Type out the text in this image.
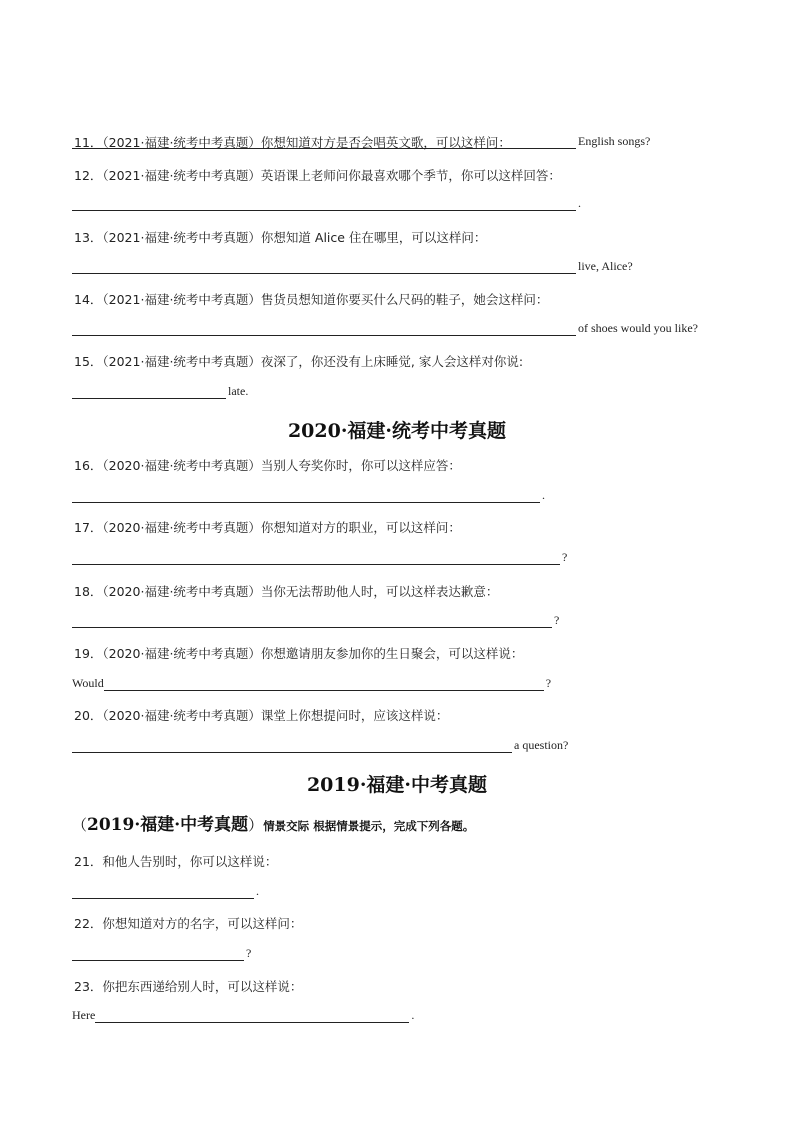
11．（2021·福建·统考中考真题）你想知道对方是否会唱英文歌，可以这样问：	English songs?
12．（2021·福建·统考中考真题）英语课上老师问你最喜欢哪个季节，你可以这样回答：
.
13．（2021·福建·统考中考真题）你想知道 Alice 住在哪里，可以这样问：
live, Alice?
14．（2021·福建·统考中考真题）售货员想知道你要买什么尺码的鞋子，她会这样问：
of shoes would you like?
15．（2021·福建·统考中考真题）夜深了，你还没有上床睡觉, 家人会这样对你说:
late.
2020·福建·统考中考真题
16．（2020·福建·统考中考真题）当别人夸奖你时，你可以这样应答：
.
17．（2020·福建·统考中考真题）你想知道对方的职业，可以这样问：
?
18．（2020·福建·统考中考真题）当你无法帮助他人时，可以这样表达歉意：
?
19．（2020·福建·统考中考真题）你想邀请朋友参加你的生日聚会，可以这样说：
Would	?
20．（2020·福建·统考中考真题）课堂上你想提问时，应该这样说：
a question?
2019·福建·中考真题
（2019·福建·中考真题）情景交际 根据情景提示，完成下列各题。
21．和他人告别时，你可以这样说：
.
22．你想知道对方的名字，可以这样问：
?
23．你把东西递给别人时，可以这样说：
Here	.
